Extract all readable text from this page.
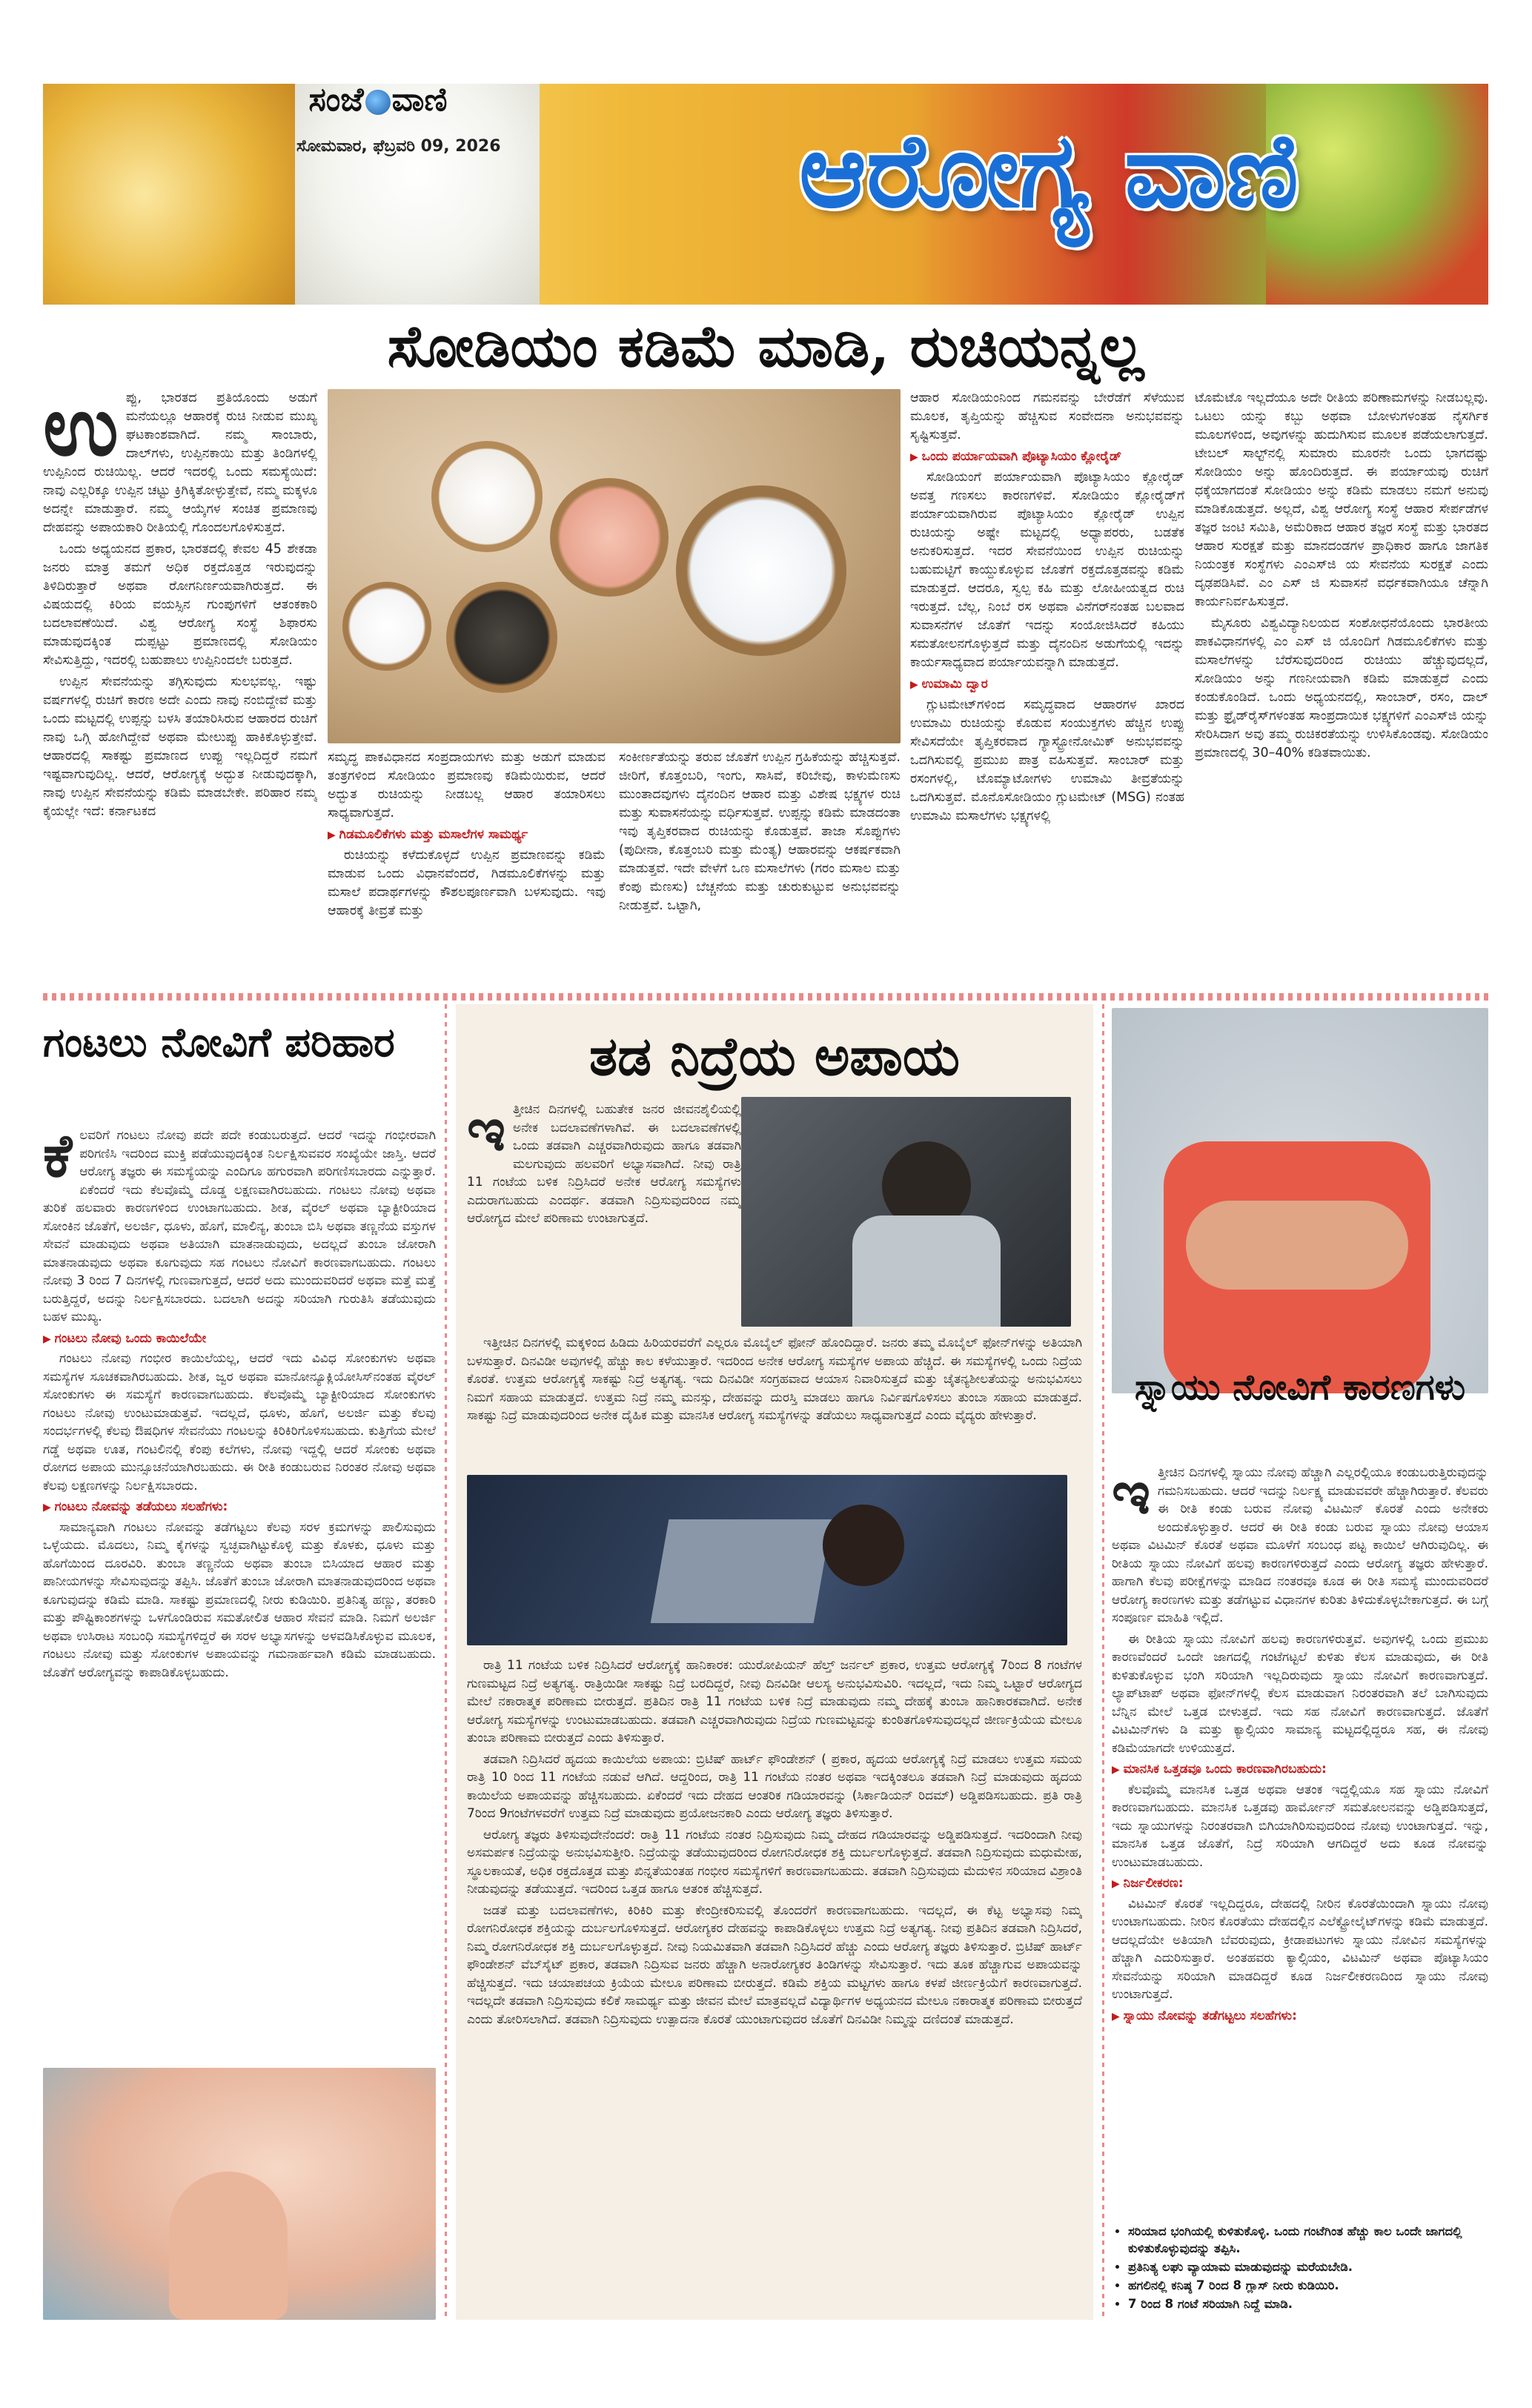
ಸಂಜೆ ವಾಣಿ
ಸೋಮವಾರ, ಫೆಬ್ರವರಿ 09, 2026	ಆರೋಗ್ಯ ವಾಣಿ
ಸೋಡಿಯಂ ಕಡಿಮೆ ಮಾಡಿ, ರುಚಿಯನ್ನಲ್ಲ
ಉ ಪ್ಪು, ಭಾರತದ ಪ್ರತಿಯೊಂದು ಅಡುಗೆ ಮನೆಯಲ್ಲೂ ಆಹಾರಕ್ಕೆ ರುಚಿ ನೀಡುವ ಮುಖ್ಯ ಘಟಕಾಂಶವಾಗಿದೆ. ನಮ್ಮ ಸಾಂಬಾರು, ದಾಲ್‌ಗಳು, ಉಪ್ಪಿನಕಾಯಿ ಮತ್ತು ತಿಂಡಿಗಳಲ್ಲಿ ಉಪ್ಪಿನಿಂದ ರುಚಿಯಿಲ್ಲ. ಆದರೆ ಇದರಲ್ಲಿ ಒಂದು ಸಮಸ್ಯೆಯಿದೆ: ನಾವು ಎಲ್ಲರಿಕ್ಕೂ ಉಪ್ಪಿನ ಚಟ್ಟು ಕ್ರಿಗಿಕ್ಕಿತೋಳ್ಳುತ್ತೇವೆ, ನಮ್ಮ ಮಕ್ಕಳೂ ಅದನ್ನೇ ಮಾಡುತ್ತಾರೆ. ನಮ್ಮ ಆಯ್ಕೆಗಳ ಸಂಚಿತ ಪ್ರಮಾಣವು ದೇಹವನ್ನು ಅಪಾಯಕಾರಿ ರೀತಿಯಲ್ಲಿ ಗೊಂದಲಗೊಳಿಸುತ್ತದೆ.

ಒಂದು ಅಧ್ಯಯನದ ಪ್ರಕಾರ, ಭಾರತದಲ್ಲಿ ಕೇವಲ 45 ಶೇಕಡಾ ಜನರು ಮಾತ್ರ ತಮಗೆ ಅಧಿಕ ರಕ್ತದೊತ್ತಡ ಇರುವುದನ್ನು ತಿಳಿದಿರುತ್ತಾರೆ ಅಥವಾ ರೋಗನಿರ್ಣಯವಾಗಿರುತ್ತದೆ. ಈ ವಿಷಯದಲ್ಲಿ ಕಿರಿಯ ವಯಸ್ಸಿನ ಗುಂಪುಗಳಿಗೆ ಆತಂಕಕಾರಿ ಬದಲಾವಣೆಯಿದೆ. ವಿಶ್ವ ಆರೋಗ್ಯ ಸಂಸ್ಥೆ ಶಿಫಾರಸು ಮಾಡುವುದಕ್ಕಿಂತ ದುಪ್ಪಟ್ಟು ಪ್ರಮಾಣದಲ್ಲಿ ಸೋಡಿಯಂ ಸೇವಿಸುತ್ತಿದ್ದು, ಇದರಲ್ಲಿ ಬಹುಪಾಲು ಉಪ್ಪಿನಿಂದಲೇ ಬರುತ್ತದೆ.

ಉಪ್ಪಿನ ಸೇವನೆಯನ್ನು ತಗ್ಗಿಸುವುದು ಸುಲಭವಲ್ಲ. ಇಷ್ಟು ವರ್ಷಗಳಲ್ಲಿ ರುಚಿಗೆ ಕಾರಣ ಅದೇ ಎಂದು ನಾವು ನಂಬಿದ್ದೇವೆ ಮತ್ತು ಒಂದು ಮಟ್ಟದಲ್ಲಿ ಉಪ್ಪನ್ನು ಬಳಸಿ ತಯಾರಿಸಿರುವ ಆಹಾರದ ರುಚಿಗೆ ನಾವು ಒಗ್ಗಿ ಹೋಗಿದ್ದೇವೆ ಅಥವಾ ಮೇಲುಪ್ಪು ಹಾಕಿಕೊಳ್ಳುತ್ತೇವೆ. ಆಹಾರದಲ್ಲಿ ಸಾಕಷ್ಟು ಪ್ರಮಾಣದ ಉಪ್ಪು ಇಲ್ಲದಿದ್ದರೆ ನಮಗೆ ಇಷ್ಟವಾಗುವುದಿಲ್ಲ. ಆದರೆ, ಆರೋಗ್ಯಕ್ಕೆ ಅದ್ಭುತ ನೀಡುವುದಕ್ಕಾಗಿ, ನಾವು ಉಪ್ಪಿನ ಸೇವನೆಯನ್ನು ಕಡಿಮೆ ಮಾಡಬೇಕೇ. ಪರಿಹಾರ ನಮ್ಮ ಕೈಯಲ್ಲೇ ಇದೆ: ಕರ್ನಾಟಕದ

ಸಮೃದ್ಧ ಪಾಕವಿಧಾನದ ಸಂಪ್ರದಾಯಗಳು ಮತ್ತು ಅಡುಗೆ ಮಾಡುವ ತಂತ್ರಗಳಿಂದ ಸೋಡಿಯಂ ಪ್ರಮಾಣವು ಕಡಿಮೆಯಿರುವ, ಆದರೆ ಅದ್ಭುತ ರುಚಿಯನ್ನು ನೀಡಬಲ್ಲ ಆಹಾರ ತಯಾರಿಸಲು ಸಾಧ್ಯವಾಗುತ್ತದೆ.

▶ ಗಿಡಮೂಲಿಕೆಗಳು ಮತ್ತು ಮಸಾಲೆಗಳ ಸಾಮರ್ಥ್ಯ

ರುಚಿಯನ್ನು ಕಳೆದುಕೊಳ್ಳದೆ ಉಪ್ಪಿನ ಪ್ರಮಾಣವನ್ನು ಕಡಿಮೆ ಮಾಡುವ ಒಂದು ವಿಧಾನವೆಂದರೆ, ಗಿಡಮೂಲಿಕೆಗಳನ್ನು ಮತ್ತು ಮಸಾಲೆ ಪದಾರ್ಥಗಳನ್ನು ಕೌಶಲಪೂರ್ಣವಾಗಿ ಬಳಸುವುದು. ಇವು ಆಹಾರಕ್ಕೆ ತೀವ್ರತೆ ಮತ್ತು

ಸಂಕೀರ್ಣತೆಯನ್ನು ತರುವ ಜೊತೆಗೆ ಉಪ್ಪಿನ ಗ್ರಹಿಕೆಯನ್ನು ಹೆಚ್ಚಿಸುತ್ತವೆ. ಜೀರಿಗೆ, ಕೊತ್ತಂಬರಿ, ಇಂಗು, ಸಾಸಿವೆ, ಕರಿಬೇವು, ಕಾಳುಮೆಣಸು ಮುಂತಾದವುಗಳು ದೈನಂದಿನ ಆಹಾರ ಮತ್ತು ವಿಶೇಷ ಭಕ್ಷ್ಯಗಳ ರುಚಿ ಮತ್ತು ಸುವಾಸನೆಯನ್ನು ವರ್ಧಿಸುತ್ತವೆ. ಉಪ್ಪನ್ನು ಕಡಿಮೆ ಮಾಡದಂತಾ ಇವು ತೃಪ್ತಿಕರವಾದ ರುಚಿಯನ್ನು ಕೊಡುತ್ತವೆ. ತಾಜಾ ಸೊಪ್ಪುಗಳು (ಪುದೀನಾ, ಕೊತ್ತಂಬರಿ ಮತ್ತು ಮೆಂತ್ಯ) ಆಹಾರವನ್ನು ಆಕರ್ಷಕವಾಗಿ ಮಾಡುತ್ತವೆ. ಇದೇ ವೇಳೆಗೆ ಒಣ ಮಸಾಲೆಗಳು (ಗರಂ ಮಸಾಲ ಮತ್ತು ಕೆಂಪು ಮೆಣಸು) ಬೆಚ್ಚನೆಯ ಮತ್ತು ಚುರುಕುಟ್ಟುವ ಅನುಭವವನ್ನು ನೀಡುತ್ತವೆ. ಒಟ್ಟಾಗಿ,

ಆಹಾರ ಸೋಡಿಯಂನಿಂದ ಗಮನವನ್ನು ಬೇರೆಡೆಗೆ ಸೆಳೆಯುವ ಮೂಲಕ, ತೃಪ್ತಿಯನ್ನು ಹೆಚ್ಚಿಸುವ ಸಂವೇದನಾ ಅನುಭವವನ್ನು ಸೃಷ್ಟಿಸುತ್ತವೆ.

▶ ಒಂದು ಪರ್ಯಾಯವಾಗಿ ಪೊಟ್ಯಾಸಿಯಂ ಕ್ಲೋರೈಡ್

ಸೋಡಿಯಂಗೆ ಪರ್ಯಾಯವಾಗಿ ಪೊಟ್ಯಾಸಿಯಂ ಕ್ಲೋರೈಡ್ ಅವತ್ತ ಗಣಸಲು ಕಾರಣಗಳಿವೆ. ಸೋಡಿಯಂ ಕ್ಲೋರೈಡ್‌ಗೆ ಪರ್ಯಾಯವಾಗಿರುವ ಪೊಟ್ಯಾಸಿಯಂ ಕ್ಲೋರೈಡ್ ಉಪ್ಪಿನ ರುಚಿಯನ್ನು ಅಷ್ಟೇ ಮಟ್ಟದಲ್ಲಿ ಅಧ್ಯಾಪರರು, ಬಡತೆಕ ಅನುಕರಿಸುತ್ತದೆ. ಇದರ ಸೇವನೆಯಿಂದ ಉಪ್ಪಿನ ರುಚಿಯನ್ನು ಬಹುಮಟ್ಟಿಗೆ ಕಾಯ್ದುಕೊಳ್ಳುವ ಜೊತೆಗೆ ರಕ್ತದೊತ್ತಡವನ್ನು ಕಡಿಮೆ ಮಾಡುತ್ತದೆ. ಆದರೂ, ಸ್ವಲ್ಪ ಕಹಿ ಮತ್ತು ಲೋಹೀಯತ್ವದ ರುಚಿ ಇರುತ್ತದೆ. ಬೆಲ್ಲ, ನಿಂಬೆ ರಸ ಅಥವಾ ವಿನೆಗರ್‌ನಂತಹ ಬಲವಾದ ಸುವಾಸನೆಗಳ ಜೊತೆಗೆ ಇದನ್ನು ಸಂಯೋಜಿಸಿದರೆ ಕಹಿಯು ಸಮತೋಲನಗೊಳ್ಳುತ್ತದೆ ಮತ್ತು ದೈನಂದಿನ ಅಡುಗೆಯಲ್ಲಿ ಇದನ್ನು ಕಾರ್ಯಸಾಧ್ಯವಾದ ಪರ್ಯಾಯವನ್ನಾಗಿ ಮಾಡುತ್ತದೆ.

▶ ಉಮಾಮಿ ದ್ವಾರ

ಗ್ಲುಟಮೇಟ್‌ಗಳಿಂದ ಸಮೃದ್ಧವಾದ ಆಹಾರಗಳ ಖಾರದ ಉಮಾಮಿ ರುಚಿಯನ್ನು ಕೊಡುವ ಸಂಯುಕ್ತಗಳು ಹೆಚ್ಚಿನ ಉಪ್ಪು ಸೇವಿಸದೆಯೇ ತೃಪ್ತಿಕರವಾದ ಗ್ಯಾಸ್ಟ್ರೋನೋಮಿಕ್ ಅನುಭವವನ್ನು ಒದಗಿಸುವಲ್ಲಿ ಪ್ರಮುಖ ಪಾತ್ರ ವಹಿಸುತ್ತವೆ. ಸಾಂಬಾರ್ ಮತ್ತು ರಸಂಗಳಲ್ಲಿ, ಟೊಮ್ಯಾಟೋಗಳು ಉಮಾಮಿ ತೀವ್ರತೆಯನ್ನು ಒದಗಿಸುತ್ತವೆ. ಮೊನೊಸೋಡಿಯಂ ಗ್ಲುಟಮೇಟ್ (MSG) ನಂತಹ ಉಮಾಮಿ ಮಸಾಲೆಗಳು ಭಕ್ಷ್ಯಗಳಲ್ಲಿ

ಟೊಮೆಟೊ ಇಲ್ಲದೆಯೂ ಅದೇ ರೀತಿಯ ಪರಿಣಾಮಗಳನ್ನು ನೀಡಬಲ್ಲವು. ಒಟಲು ಯನ್ನು ಕಬ್ಬು ಅಥವಾ ಬೋಳುಗಳಂತಹ ನೈಸರ್ಗಿಕ ಮೂಲಗಳಿಂದ, ಅವುಗಳನ್ನು ಹುದುಗಿಸುವ ಮೂಲಕ ಪಡೆಯಲಾಗುತ್ತದೆ. ಟೇಬಲ್ ಸಾಲ್ಟ್‌ನಲ್ಲಿ ಸುಮಾರು ಮೂರನೇ ಒಂದು ಭಾಗದಷ್ಟು ಸೋಡಿಯಂ ಅನ್ನು ಹೊಂದಿರುತ್ತದೆ. ಈ ಪರ್ಯಾಯವು ರುಚಿಗೆ ಧಕ್ಕೆಯಾಗದಂತೆ ಸೋಡಿಯಂ ಅನ್ನು ಕಡಿಮೆ ಮಾಡಲು ನಮಗೆ ಅನುವು ಮಾಡಿಕೊಡುತ್ತದೆ. ಅಲ್ಲದೆ, ವಿಶ್ವ ಆರೋಗ್ಯ ಸಂಸ್ಥೆ ಆಹಾರ ಸೇರ್ಪಡೆಗಳ ತಜ್ಞರ ಜಂಟಿ ಸಮಿತಿ, ಅಮೆರಿಕಾದ ಆಹಾರ ತಜ್ಞರ ಸಂಸ್ಥೆ ಮತ್ತು ಭಾರತದ ಆಹಾರ ಸುರಕ್ಷತೆ ಮತ್ತು ಮಾನದಂಡಗಳ ಪ್ರಾಧಿಕಾರ ಹಾಗೂ ಜಾಗತಿಕ ನಿಯಂತ್ರಕ ಸಂಸ್ಥೆಗಳು ಎಂಎಸ್‌ಜಿ ಯ ಸೇವನೆಯ ಸುರಕ್ಷತೆ ಎಂದು ದೃಢಪಡಿಸಿವೆ. ಎಂ ಎಸ್ ಜಿ ಸುವಾಸನೆ ವರ್ಧಕವಾಗಿಯೂ ಚೆನ್ನಾಗಿ ಕಾರ್ಯನಿರ್ವಹಿಸುತ್ತದೆ.

ಮೈಸೂರು ವಿಶ್ವವಿದ್ಯಾನಿಲಯದ ಸಂಶೋಧನೆಯೊಂದು ಭಾರತೀಯ ಪಾಕವಿಧಾನಗಳಲ್ಲಿ ಎಂ ಎಸ್ ಜಿ ಯೊಂದಿಗೆ ಗಿಡಮೂಲಿಕೆಗಳು ಮತ್ತು ಮಸಾಲೆಗಳನ್ನು ಬೆರೆಸುವುದರಿಂದ ರುಚಿಯು ಹೆಚ್ಚುವುದಲ್ಲದೆ, ಸೋಡಿಯಂ ಅನ್ನು ಗಣನೀಯವಾಗಿ ಕಡಿಮೆ ಮಾಡುತ್ತದೆ ಎಂದು ಕಂಡುಕೊಂಡಿದೆ. ಒಂದು ಅಧ್ಯಯನದಲ್ಲಿ, ಸಾಂಬಾರ್, ರಸಂ, ದಾಲ್ ಮತ್ತು ಫ್ರೈಡ್‌ರೈಸ್‌ಗಳಂತಹ ಸಾಂಪ್ರದಾಯಿಕ ಭಕ್ಷ್ಯಗಳಿಗೆ ಎಂಎಸ್‌ಜಿ ಯನ್ನು ಸೇರಿಸಿದಾಗ ಅವು ತಮ್ಮ ರುಚಿಕರತೆಯನ್ನು ಉಳಿಸಿಕೊಂಡವು. ಸೋಡಿಯಂ ಪ್ರಮಾಣದಲ್ಲಿ 30–40% ಕಡಿತವಾಯಿತು.

ಗಂಟಲು ನೋವಿಗೆ ಪರಿಹಾರ
ಕೆ ಲವರಿಗೆ ಗಂಟಲು ನೋವು ಪದೇ ಪದೇ ಕಂಡುಬರುತ್ತದೆ. ಆದರೆ ಇದನ್ನು ಗಂಭೀರವಾಗಿ ಪರಿಗಣಿಸಿ ಇದರಿಂದ ಮುಕ್ತಿ ಪಡೆಯುವುದಕ್ಕಿಂತ ನಿರ್ಲಕ್ಷಿಸುವವರ ಸಂಖ್ಯೆಯೇ ಜಾಸ್ತಿ. ಆದರೆ ಆರೋಗ್ಯ ತಜ್ಞರು ಈ ಸಮಸ್ಯೆಯನ್ನು ಎಂದಿಗೂ ಹಗುರವಾಗಿ ಪರಿಗಣಿಸಬಾರದು ಎನ್ನುತ್ತಾರೆ. ಏಕೆಂದರೆ ಇದು ಕೆಲವೊಮ್ಮೆ ದೊಡ್ಡ ಲಕ್ಷಣವಾಗಿರಬಹುದು. ಗಂಟಲು ನೋವು ಅಥವಾ ತುರಿಕೆ ಹಲವಾರು ಕಾರಣಗಳಿಂದ ಉಂಟಾಗಬಹುದು. ಶೀತ, ವೈರಲ್ ಅಥವಾ ಬ್ಯಾಕ್ಟೀರಿಯಾದ ಸೋಂಕಿನ ಜೊತೆಗೆ, ಅಲರ್ಜಿ, ಧೂಳು, ಹೊಗೆ, ಮಾಲಿನ್ಯ, ತುಂಬಾ ಬಿಸಿ ಅಥವಾ ತಣ್ಣನೆಯ ವಸ್ತುಗಳ ಸೇವನೆ ಮಾಡುವುದು ಅಥವಾ ಅತಿಯಾಗಿ ಮಾತನಾಡುವುದು, ಅದಲ್ಲದೆ ತುಂಬಾ ಜೋರಾಗಿ ಮಾತನಾಡುವುದು ಅಥವಾ ಕೂಗುವುದು ಸಹ ಗಂಟಲು ನೋವಿಗೆ ಕಾರಣವಾಗಬಹುದು. ಗಂಟಲು ನೋವು 3 ರಿಂದ 7 ದಿನಗಳಲ್ಲಿ ಗುಣವಾಗುತ್ತದೆ, ಆದರೆ ಅದು ಮುಂದುವರಿದರೆ ಅಥವಾ ಮತ್ತೆ ಮತ್ತೆ ಬರುತ್ತಿದ್ದರೆ, ಅದನ್ನು ನಿರ್ಲಕ್ಷಿಸಬಾರದು. ಬದಲಾಗಿ ಅದನ್ನು ಸರಿಯಾಗಿ ಗುರುತಿಸಿ ತಡೆಯುವುದು ಬಹಳ ಮುಖ್ಯ.

▶ ಗಂಟಲು ನೋವು ಒಂದು ಕಾಯಿಲೆಯೇ

ಗಂಟಲು ನೋವು ಗಂಭೀರ ಕಾಯಿಲೆಯಲ್ಲ, ಆದರೆ ಇದು ವಿವಿಧ ಸೋಂಕುಗಳು ಅಥವಾ ಸಮಸ್ಯೆಗಳ ಸೂಚಕವಾಗಿರಬಹುದು. ಶೀತ, ಜ್ವರ ಅಥವಾ ಮಾನೋನ್ಯೂಕ್ಲಿಯೋಸಿಸ್‌ನಂತಹ ವೈರಲ್ ಸೋಂಕುಗಳು ಈ ಸಮಸ್ಯೆಗೆ ಕಾರಣವಾಗಬಹುದು. ಕೆಲವೊಮ್ಮೆ ಬ್ಯಾಕ್ಟೀರಿಯಾದ ಸೋಂಕುಗಳು ಗಂಟಲು ನೋವು ಉಂಟುಮಾಡುತ್ತವೆ. ಇದಲ್ಲದೆ, ಧೂಳು, ಹೊಗೆ, ಅಲರ್ಜಿ ಮತ್ತು ಕೆಲವು ಸಂದರ್ಭಗಳಲ್ಲಿ ಕೆಲವು ಔಷಧಿಗಳ ಸೇವನೆಯು ಗಂಟಲನ್ನು ಕಿರಿಕಿರಿಗೊಳಿಸಬಹುದು. ಕುತ್ತಿಗೆಯ ಮೇಲೆ ಗಡ್ಡೆ ಅಥವಾ ಊತ, ಗಂಟಲಿನಲ್ಲಿ ಕೆಂಪು ಕಲೆಗಳು, ನೋವು ಇದ್ದಲ್ಲಿ ಆದರೆ ಸೋಂಕು ಅಥವಾ ರೋಗದ ಅಪಾಯ ಮುನ್ಸೂಚನೆಯಾಗಿರಬಹುದು. ಈ ರೀತಿ ಕಂಡುಬರುವ ನಿರಂತರ ನೋವು ಅಥವಾ ಕೆಲವು ಲಕ್ಷಣಗಳನ್ನು ನಿರ್ಲಕ್ಷಿಸಬಾರದು.

▶ ಗಂಟಲು ನೋವನ್ನು ತಡೆಯಲು ಸಲಹೆಗಳು:

ಸಾಮಾನ್ಯವಾಗಿ ಗಂಟಲು ನೋವನ್ನು ತಡೆಗಟ್ಟಲು ಕೆಲವು ಸರಳ ಕ್ರಮಗಳನ್ನು ಪಾಲಿಸುವುದು ಒಳ್ಳೆಯದು. ಮೊದಲು, ನಿಮ್ಮ ಕೈಗಳನ್ನು ಸ್ವಚ್ಛವಾಗಿಟ್ಟುಕೊಳ್ಳಿ ಮತ್ತು ಕೊಳಕು, ಧೂಳು ಮತ್ತು ಹೊಗೆಯಿಂದ ದೂರವಿರಿ. ತುಂಬಾ ತಣ್ಣನೆಯ ಅಥವಾ ತುಂಬಾ ಬಿಸಿಯಾದ ಆಹಾರ ಮತ್ತು ಪಾನೀಯಗಳನ್ನು ಸೇವಿಸುವುದನ್ನು ತಪ್ಪಿಸಿ. ಜೊತೆಗೆ ತುಂಬಾ ಜೋರಾಗಿ ಮಾತನಾಡುವುದರಿಂದ ಅಥವಾ ಕೂಗುವುದನ್ನು ಕಡಿಮೆ ಮಾಡಿ. ಸಾಕಷ್ಟು ಪ್ರಮಾಣದಲ್ಲಿ ನೀರು ಕುಡಿಯಿರಿ. ಪ್ರತಿನಿತ್ಯ ಹಣ್ಣು, ತರಕಾರಿ ಮತ್ತು ಪೌಷ್ಟಿಕಾಂಶಗಳನ್ನು ಒಳಗೊಂಡಿರುವ ಸಮತೋಲಿತ ಆಹಾರ ಸೇವನೆ ಮಾಡಿ. ನಿಮಗೆ ಅಲರ್ಜಿ ಅಥವಾ ಉಸಿರಾಟ ಸಂಬಂಧಿ ಸಮಸ್ಯೆಗಳಿದ್ದರೆ ಈ ಸರಳ ಅಭ್ಯಾಸಗಳನ್ನು ಅಳವಡಿಸಿಕೊಳ್ಳುವ ಮೂಲಕ, ಗಂಟಲು ನೋವು ಮತ್ತು ಸೋಂಕುಗಳ ಅಪಾಯವನ್ನು ಗಮನಾರ್ಹವಾಗಿ ಕಡಿಮೆ ಮಾಡಬಹುದು. ಜೊತೆಗೆ ಆರೋಗ್ಯವನ್ನು ಕಾಪಾಡಿಕೊಳ್ಳಬಹುದು.

ತಡ ನಿದ್ರೆಯ ಅಪಾಯ
ಇ ತ್ತೀಚಿನ ದಿನಗಳಲ್ಲಿ ಬಹುತೇಕ ಜನರ ಜೀವನಶೈಲಿಯಲ್ಲಿ ಅನೇಕ ಬದಲಾವಣೆಗಳಾಗಿವೆ. ಈ ಬದಲಾವಣೆಗಳಲ್ಲಿ ಒಂದು ತಡವಾಗಿ ಎಚ್ಚರವಾಗಿರುವುದು ಹಾಗೂ ತಡವಾಗಿ ಮಲಗುವುದು ಹಲವರಿಗೆ ಅಭ್ಯಾಸವಾಗಿದೆ. ನೀವು ರಾತ್ರಿ 11 ಗಂಟೆಯ ಬಳಿಕ ನಿದ್ರಿಸಿದರೆ ಅನೇಕ ಆರೋಗ್ಯ ಸಮಸ್ಯೆಗಳು ಎದುರಾಗಬಹುದು ಎಂದರ್ಥ. ತಡವಾಗಿ ನಿದ್ರಿಸುವುದರಿಂದ ನಮ್ಮ ಆರೋಗ್ಯದ ಮೇಲೆ ಪರಿಣಾಮ ಉಂಟಾಗುತ್ತದೆ.

ಇತ್ತೀಚಿನ ದಿನಗಳಲ್ಲಿ ಮಕ್ಕಳಿಂದ ಹಿಡಿದು ಹಿರಿಯರವರೆಗೆ ಎಲ್ಲರೂ ಮೊಬೈಲ್ ಫೋನ್ ಹೊಂದಿದ್ದಾರೆ. ಜನರು ತಮ್ಮ ಮೊಬೈಲ್ ಫೋನ್‌ಗಳನ್ನು ಅತಿಯಾಗಿ ಬಳಸುತ್ತಾರೆ. ದಿನವಿಡೀ ಅವುಗಳಲ್ಲಿ ಹೆಚ್ಚು ಕಾಲ ಕಳೆಯುತ್ತಾರೆ. ಇದರಿಂದ ಅನೇಕ ಆರೋಗ್ಯ ಸಮಸ್ಯೆಗಳ ಅಪಾಯ ಹೆಚ್ಚಿದೆ. ಈ ಸಮಸ್ಯೆಗಳಲ್ಲಿ ಒಂದು ನಿದ್ರೆಯ ಕೊರತೆ. ಉತ್ತಮ ಆರೋಗ್ಯಕ್ಕೆ ಸಾಕಷ್ಟು ನಿದ್ರೆ ಅತ್ಯಗತ್ಯ. ಇದು ದಿನವಿಡೀ ಸಂಗ್ರಹವಾದ ಆಯಾಸ ನಿವಾರಿಸುತ್ತದೆ ಮತ್ತು ಚೈತನ್ಯಶೀಲತೆಯನ್ನು ಅನುಭವಿಸಲು ನಿಮಗೆ ಸಹಾಯ ಮಾಡುತ್ತದೆ. ಉತ್ತಮ ನಿದ್ರೆ ನಮ್ಮ ಮನಸ್ಸು, ದೇಹವನ್ನು ದುರಸ್ತಿ ಮಾಡಲು ಹಾಗೂ ನಿರ್ವಿಷಗೊಳಿಸಲು ತುಂಬಾ ಸಹಾಯ ಮಾಡುತ್ತದೆ. ಸಾಕಷ್ಟು ನಿದ್ರೆ ಮಾಡುವುದರಿಂದ ಅನೇಕ ದೈಹಿಕ ಮತ್ತು ಮಾನಸಿಕ ಆರೋಗ್ಯ ಸಮಸ್ಯೆಗಳನ್ನು ತಡೆಯಲು ಸಾಧ್ಯವಾಗುತ್ತದೆ ಎಂದು ವೈದ್ಯರು ಹೇಳುತ್ತಾರೆ.

ರಾತ್ರಿ 11 ಗಂಟೆಯ ಬಳಿಕ ನಿದ್ರಿಸಿದರೆ ಆರೋಗ್ಯಕ್ಕೆ ಹಾನಿಕಾರಕ: ಯುರೋಪಿಯನ್ ಹೆಲ್ತ್ ಜರ್ನಲ್ ಪ್ರಕಾರ, ಉತ್ತಮ ಆರೋಗ್ಯಕ್ಕೆ 7ರಿಂದ 8 ಗಂಟೆಗಳ ಗುಣಮಟ್ಟದ ನಿದ್ರೆ ಅತ್ಯಗತ್ಯ. ರಾತ್ರಿಯಿಡೀ ಸಾಕಷ್ಟು ನಿದ್ರೆ ಬರದಿದ್ದರೆ, ನೀವು ದಿನವಿಡೀ ಆಲಸ್ಯ ಅನುಭವಿಸುವಿರಿ. ಇದಲ್ಲದೆ, ಇದು ನಿಮ್ಮ ಒಟ್ಟಾರೆ ಆರೋಗ್ಯದ ಮೇಲೆ ನಕಾರಾತ್ಮಕ ಪರಿಣಾಮ ಬೀರುತ್ತದೆ. ಪ್ರತಿದಿನ ರಾತ್ರಿ 11 ಗಂಟೆಯ ಬಳಿಕ ನಿದ್ರೆ ಮಾಡುವುದು ನಮ್ಮ ದೇಹಕ್ಕೆ ತುಂಬಾ ಹಾನಿಕಾರಕವಾಗಿದೆ. ಅನೇಕ ಆರೋಗ್ಯ ಸಮಸ್ಯೆಗಳನ್ನು ಉಂಟುಮಾಡಬಹುದು. ತಡವಾಗಿ ಎಚ್ಚರವಾಗಿರುವುದು ನಿದ್ರೆಯ ಗುಣಮಟ್ಟವನ್ನು ಕುಂಠಿತಗೊಳಿಸುವುದಲ್ಲದೆ ಜೀರ್ಣಕ್ರಿಯೆಯ ಮೇಲೂ ತುಂಬಾ ಪರಿಣಾಮ ಬೀರುತ್ತದೆ ಎಂದು ತಿಳಿಸುತ್ತಾರೆ.

ತಡವಾಗಿ ನಿದ್ರಿಸಿದರೆ ಹೃದಯ ಕಾಯಿಲೆಯ ಅಪಾಯ: ಬ್ರಿಟಿಷ್ ಹಾರ್ಟ್ ಫೌಂಡೇಶನ್ ( ಪ್ರಕಾರ, ಹೃದಯ ಆರೋಗ್ಯಕ್ಕೆ ನಿದ್ರೆ ಮಾಡಲು ಉತ್ತಮ ಸಮಯ ರಾತ್ರಿ 10 ರಿಂದ 11 ಗಂಟೆಯ ನಡುವೆ ಆಗಿದೆ. ಆದ್ದರಿಂದ, ರಾತ್ರಿ 11 ಗಂಟೆಯ ನಂತರ ಅಥವಾ ಇದಕ್ಕಿಂತಲೂ ತಡವಾಗಿ ನಿದ್ರೆ ಮಾಡುವುದು ಹೃದಯ ಕಾಯಿಲೆಯ ಅಪಾಯವನ್ನು ಹೆಚ್ಚಿಸಬಹುದು. ಏಕೆಂದರೆ ಇದು ದೇಹದ ಆಂತರಿಕ ಗಡಿಯಾರವನ್ನು (ಸಿರ್ಕಾಡಿಯನ್ ರಿದಮ್) ಅಡ್ಡಿಪಡಿಸಬಹುದು. ಪ್ರತಿ ರಾತ್ರಿ 7ರಿಂದ 9ಗಂಟೆಗಳವರೆಗೆ ಉತ್ತಮ ನಿದ್ರೆ ಮಾಡುವುದು ಪ್ರಯೋಜನಕಾರಿ ಎಂದು ಆರೋಗ್ಯ ತಜ್ಞರು ತಿಳಿಸುತ್ತಾರೆ.

ಆರೋಗ್ಯ ತಜ್ಞರು ತಿಳಿಸುವುದೇನೆಂದರೆ: ರಾತ್ರಿ 11 ಗಂಟೆಯ ನಂತರ ನಿದ್ರಿಸುವುದು ನಿಮ್ಮ ದೇಹದ ಗಡಿಯಾರವನ್ನು ಅಡ್ಡಿಪಡಿಸುತ್ತದೆ. ಇದರಿಂದಾಗಿ ನೀವು ಅಸಮರ್ಪಕ ನಿದ್ರೆಯನ್ನು ಅನುಭವಿಸುತ್ತೀರಿ. ನಿದ್ರೆಯನ್ನು ತಡೆಯುವುದರಿಂದ ರೋಗನಿರೋಧಕ ಶಕ್ತಿ ದುರ್ಬಲಗೊಳ್ಳುತ್ತದೆ. ತಡವಾಗಿ ನಿದ್ರಿಸುವುದು ಮಧುಮೇಹ, ಸ್ಥೂಲಕಾಯತೆ, ಅಧಿಕ ರಕ್ತದೊತ್ತಡ ಮತ್ತು ಖಿನ್ನತೆಯಂತಹ ಗಂಭೀರ ಸಮಸ್ಯೆಗಳಿಗೆ ಕಾರಣವಾಗಬಹುದು. ತಡವಾಗಿ ನಿದ್ರಿಸುವುದು ಮೆದುಳಿನ ಸರಿಯಾದ ವಿಶ್ರಾಂತಿ ನೀಡುವುದನ್ನು ತಡೆಯುತ್ತದೆ. ಇದರಿಂದ ಒತ್ತಡ ಹಾಗೂ ಆತಂಕ ಹೆಚ್ಚಿಸುತ್ತದೆ.

ಜಡತೆ ಮತ್ತು ಬದಲಾವಣೆಗಳು, ಕಿರಿಕಿರಿ ಮತ್ತು ಕೇಂದ್ರೀಕರಿಸುವಲ್ಲಿ ತೊಂದರೆಗೆ ಕಾರಣವಾಗಬಹುದು. ಇದಲ್ಲದೆ, ಈ ಕೆಟ್ಟ ಅಭ್ಯಾಸವು ನಿಮ್ಮ ರೋಗನಿರೋಧಕ ಶಕ್ತಿಯನ್ನು ದುರ್ಬಲಗೊಳಿಸುತ್ತದೆ. ಆರೋಗ್ಯಕರ ದೇಹವನ್ನು ಕಾಪಾಡಿಕೊಳ್ಳಲು ಉತ್ತಮ ನಿದ್ರೆ ಅತ್ಯಗತ್ಯ. ನೀವು ಪ್ರತಿದಿನ ತಡವಾಗಿ ನಿದ್ರಿಸಿದರೆ, ನಿಮ್ಮ ರೋಗನಿರೋಧಕ ಶಕ್ತಿ ದುರ್ಬಲಗೊಳ್ಳುತ್ತದೆ. ನೀವು ನಿಯಮಿತವಾಗಿ ತಡವಾಗಿ ನಿದ್ರಿಸಿದರೆ ಹೆಚ್ಚು ಎಂದು ಆರೋಗ್ಯ ತಜ್ಞರು ತಿಳಿಸುತ್ತಾರೆ. ಬ್ರಿಟಿಷ್ ಹಾರ್ಟ್ ಫೌಂಡೇಶನ್ ವೆಬ್‌ಸೈಟ್ ಪ್ರಕಾರ, ತಡವಾಗಿ ನಿದ್ರಿಸುವ ಜನರು ಹೆಚ್ಚಾಗಿ ಅನಾರೋಗ್ಯಕರ ತಿಂಡಿಗಳನ್ನು ಸೇವಿಸುತ್ತಾರೆ. ಇದು ತೂಕ ಹೆಚ್ಚಾಗುವ ಅಪಾಯವನ್ನು ಹೆಚ್ಚಿಸುತ್ತದೆ. ಇದು ಚಯಾಪಚಯ ಕ್ರಿಯೆಯ ಮೇಲೂ ಪರಿಣಾಮ ಬೀರುತ್ತದೆ. ಕಡಿಮೆ ಶಕ್ತಿಯ ಮಟ್ಟಗಳು ಹಾಗೂ ಕಳಪೆ ಜೀರ್ಣಕ್ರಿಯೆಗೆ ಕಾರಣವಾಗುತ್ತದೆ. ಇದಲ್ಲದೇ ತಡವಾಗಿ ನಿದ್ರಿಸುವುದು ಕಲಿಕೆ ಸಾಮರ್ಥ್ಯ ಮತ್ತು ಜೀವನ ಮೇಲೆ ಮಾತ್ರವಲ್ಲದೆ ವಿದ್ಯಾರ್ಥಿಗಳ ಅಧ್ಯಯನದ ಮೇಲೂ ನಕಾರಾತ್ಮಕ ಪರಿಣಾಮ ಬೀರುತ್ತದೆ ಎಂದು ತೋರಿಸಲಾಗಿದೆ. ತಡವಾಗಿ ನಿದ್ರಿಸುವುದು ಉತ್ಪಾದನಾ ಕೊರತೆ ಯುಂಟಾಗುವುದರ ಜೊತೆಗೆ ದಿನವಿಡೀ ನಿಮ್ಮನ್ನು ದಣಿದಂತೆ ಮಾಡುತ್ತದೆ.

ಸ್ನಾಯು ನೋವಿಗೆ ಕಾರಣಗಳು
ಇ ತ್ತೀಚಿನ ದಿನಗಳಲ್ಲಿ ಸ್ನಾಯು ನೋವು ಹೆಚ್ಚಾಗಿ ಎಲ್ಲರಲ್ಲಿಯೂ ಕಂಡುಬರುತ್ತಿರುವುದನ್ನು ಗಮನಿಸಬಹುದು. ಆದರೆ ಇದನ್ನು ನಿರ್ಲಕ್ಷ್ಯ ಮಾಡುವವರೇ ಹೆಚ್ಚಾಗಿರುತ್ತಾರೆ. ಕೆಲವರು ಈ ರೀತಿ ಕಂಡು ಬರುವ ನೋವು ವಿಟಮಿನ್ ಕೊರತೆ ಎಂದು ಅನೇಕರು ಅಂದುಕೊಳ್ಳುತ್ತಾರೆ. ಆದರೆ ಈ ರೀತಿ ಕಂಡು ಬರುವ ಸ್ನಾಯು ನೋವು ಆಯಾಸ ಅಥವಾ ವಿಟಮಿನ್ ಕೊರತೆ ಅಥವಾ ಮೂಳೆಗೆ ಸಂಬಂಧ ಪಟ್ಟ ಕಾಯಿಲೆ ಆಗಿರುವುದಿಲ್ಲ. ಈ ರೀತಿಯ ಸ್ನಾಯು ನೋವಿಗೆ ಹಲವು ಕಾರಣಗಳಿರುತ್ತದೆ ಎಂದು ಆರೋಗ್ಯ ತಜ್ಞರು ಹೇಳುತ್ತಾರೆ. ಹಾಗಾಗಿ ಕೆಲವು ಪರೀಕ್ಷೆಗಳನ್ನು ಮಾಡಿದ ನಂತರವೂ ಕೂಡ ಈ ರೀತಿ ಸಮಸ್ಯೆ ಮುಂದುವರಿದರೆ ಆರೋಗ್ಯ ಕಾರಣಗಳು ಮತ್ತು ತಡೆಗಟ್ಟುವ ವಿಧಾನಗಳ ಕುರಿತು ತಿಳಿದುಕೊಳ್ಳಬೇಕಾಗುತ್ತದೆ. ಈ ಬಗ್ಗೆ ಸಂಪೂರ್ಣ ಮಾಹಿತಿ ಇಲ್ಲಿದೆ.

ಈ ರೀತಿಯ ಸ್ನಾಯು ನೋವಿಗೆ ಹಲವು ಕಾರಣಗಳಿರುತ್ತವೆ. ಅವುಗಳಲ್ಲಿ ಒಂದು ಪ್ರಮುಖ ಕಾರಣವೆಂದರೆ ಒಂದೇ ಜಾಗದಲ್ಲಿ ಗಂಟೆಗಟ್ಟಲೆ ಕುಳಿತು ಕೆಲಸ ಮಾಡುವುದು, ಈ ರೀತಿ ಕುಳಿತುಕೊಳ್ಳುವ ಭಂಗಿ ಸರಿಯಾಗಿ ಇಲ್ಲದಿರುವುದು ಸ್ನಾಯು ನೋವಿಗೆ ಕಾರಣವಾಗುತ್ತದೆ. ಲ್ಯಾಪ್‌ಟಾಪ್ ಅಥವಾ ಫೋನ್‌ಗಳಲ್ಲಿ ಕೆಲಸ ಮಾಡುವಾಗ ನಿರಂತರವಾಗಿ ತಲೆ ಬಾಗಿಸುವುದು ಬೆನ್ನಿನ ಮೇಲೆ ಒತ್ತಡ ಬೀಳುತ್ತದೆ. ಇದು ಸಹ ನೋವಿಗೆ ಕಾರಣವಾಗುತ್ತದೆ. ಜೊತೆಗೆ ವಿಟಮಿನ್‌ಗಳು ಡಿ ಮತ್ತು ಕ್ಯಾಲ್ಸಿಯಂ ಸಾಮಾನ್ಯ ಮಟ್ಟದಲ್ಲಿದ್ದರೂ ಸಹ, ಈ ನೋವು ಕಡಿಮೆಯಾಗದೇ ಉಳಿಯುತ್ತದೆ.

▶ ಮಾನಸಿಕ ಒತ್ತಡವೂ ಒಂದು ಕಾರಣವಾಗಿರಬಹುದು:

ಕೆಲವೊಮ್ಮೆ ಮಾನಸಿಕ ಒತ್ತಡ ಅಥವಾ ಆತಂಕ ಇದ್ದಲ್ಲಿಯೂ ಸಹ ಸ್ನಾಯು ನೋವಿಗೆ ಕಾರಣವಾಗಬಹುದು. ಮಾನಸಿಕ ಒತ್ತಡವು ಹಾರ್ಮೋನ್ ಸಮತೋಲನವನ್ನು ಅಡ್ಡಿಪಡಿಸುತ್ತದೆ, ಇದು ಸ್ನಾಯುಗಳನ್ನು ನಿರಂತರವಾಗಿ ಬಿಗಿಯಾಗಿರಿಸುವುದರಿಂದ ನೋವು ಉಂಟಾಗುತ್ತದೆ. ಇನ್ನು, ಮಾನಸಿಕ ಒತ್ತಡ ಜೊತೆಗೆ, ನಿದ್ರೆ ಸರಿಯಾಗಿ ಆಗದಿದ್ದರೆ ಅದು ಕೂಡ ನೋವನ್ನು ಉಂಟುಮಾಡಬಹುದು.

▶ ನಿರ್ಜಲೀಕರಣ:

ವಿಟಮಿನ್ ಕೊರತೆ ಇಲ್ಲದಿದ್ದರೂ, ದೇಹದಲ್ಲಿ ನೀರಿನ ಕೊರತೆಯಿಂದಾಗಿ ಸ್ನಾಯು ನೋವು ಉಂಟಾಗಬಹುದು. ನೀರಿನ ಕೊರತೆಯು ದೇಹದಲ್ಲಿನ ಎಲೆಕ್ಟ್ರೋಲೈಟ್‌ಗಳನ್ನು ಕಡಿಮೆ ಮಾಡುತ್ತದೆ. ಆದಲ್ಲದೆಯೇ ಅತಿಯಾಗಿ ಬೆವರುವುದು, ಕ್ರೀಡಾಪಟುಗಳು ಸ್ನಾಯು ನೋವಿನ ಸಮಸ್ಯೆಗಳನ್ನು ಹೆಚ್ಚಾಗಿ ಎದುರಿಸುತ್ತಾರೆ. ಅಂತಹವರು ಕ್ಯಾಲ್ಸಿಯಂ, ವಿಟಮಿನ್ ಅಥವಾ ಪೊಟ್ಯಾಸಿಯಂ ಸೇವನೆಯನ್ನು ಸರಿಯಾಗಿ ಮಾಡದಿದ್ದರೆ ಕೂಡ ನಿರ್ಜಲೀಕರಣದಿಂದ ಸ್ನಾಯು ನೋವು ಉಂಟಾಗುತ್ತದೆ.

▶ ಸ್ನಾಯು ನೋವನ್ನು ತಡೆಗಟ್ಟಲು ಸಲಹೆಗಳು:
• ಸರಿಯಾದ ಭಂಗಿಯಲ್ಲಿ ಕುಳಿತುಕೊಳ್ಳಿ. ಒಂದು ಗಂಟೆಗಿಂತ ಹೆಚ್ಚು ಕಾಲ ಒಂದೇ ಜಾಗದಲ್ಲಿ ಕುಳಿತುಕೊಳ್ಳುವುದನ್ನು ತಪ್ಪಿಸಿ.
• ಪ್ರತಿನಿತ್ಯ ಲಘು ವ್ಯಾಯಾಮ ಮಾಡುವುದನ್ನು ಮರೆಯಬೇಡಿ.
• ಹಗಲಿನಲ್ಲಿ ಕನಿಷ್ಠ 7 ರಿಂದ 8 ಗ್ಲಾಸ್ ನೀರು ಕುಡಿಯಿರಿ.
• 7 ರಿಂದ 8 ಗಂಟೆ ಸರಿಯಾಗಿ ನಿದ್ದೆ ಮಾಡಿ.
